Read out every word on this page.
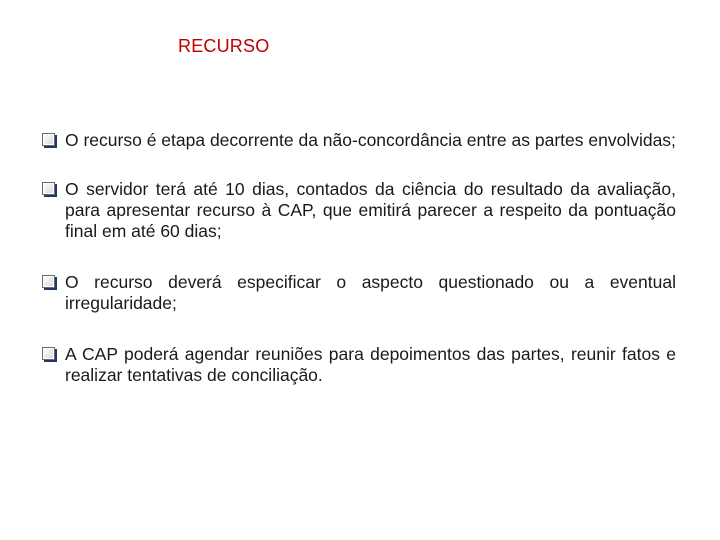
RECURSO
O recurso é etapa decorrente da não-concordância entre as partes envolvidas;
O servidor terá até 10 dias, contados da ciência do resultado da avaliação, para apresentar recurso à CAP, que emitirá parecer a respeito da pontuação final em até 60 dias;
O recurso deverá especificar o aspecto questionado ou a eventual irregularidade;
A CAP poderá agendar reuniões para depoimentos das partes, reunir fatos e realizar tentativas de conciliação.
